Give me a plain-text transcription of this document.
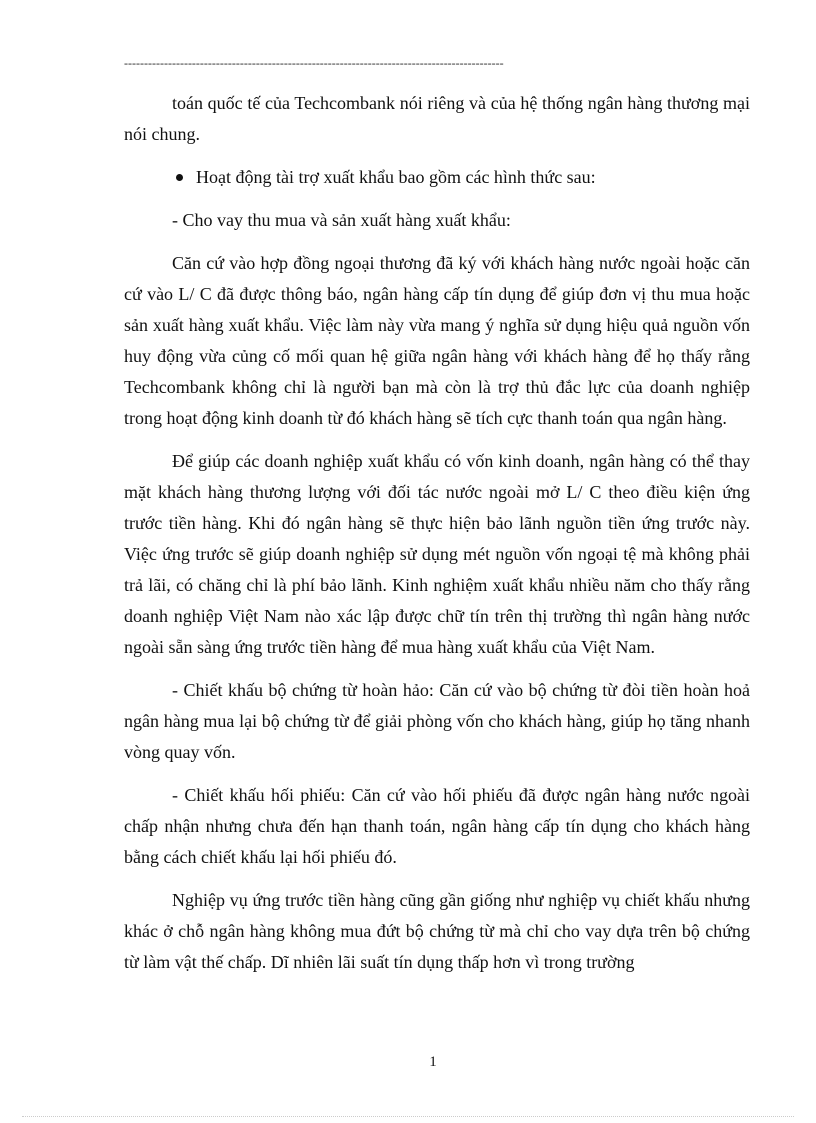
-----------------------------------------------------------------------------------------------

toán quốc tế của Techcombank nói riêng và của hệ thống ngân hàng thương mại nói chung.

Hoạt động tài trợ xuất khẩu bao gồm các hình thức sau:

- Cho vay thu mua và sản xuất hàng xuất khẩu:

Căn cứ vào hợp đồng ngoại thương đã ký với khách hàng nước ngoài hoặc căn cứ vào L/ C đã được thông báo, ngân hàng cấp tín dụng để giúp đơn vị thu mua hoặc sản xuất hàng xuất khẩu. Việc làm này vừa mang ý nghĩa sử dụng hiệu quả nguồn vốn huy động vừa củng cố mối quan hệ giữa ngân hàng với khách hàng để họ thấy rằng Techcombank không chỉ là người bạn mà còn là trợ thủ đắc lực của doanh nghiệp trong hoạt động kinh doanh từ đó khách hàng sẽ tích cực thanh toán qua ngân hàng.

Để giúp các doanh nghiệp xuất khẩu có vốn kinh doanh, ngân hàng có thể thay mặt khách hàng thương lượng với đối tác nước ngoài mở L/ C theo điều kiện ứng trước tiền hàng. Khi đó ngân hàng sẽ thực hiện bảo lãnh nguồn tiền ứng trước này. Việc ứng trước sẽ giúp doanh nghiệp sử dụng mét nguồn vốn ngoại tệ mà không phải trả lãi, có chăng chỉ là phí bảo lãnh. Kinh nghiệm xuất khẩu nhiều năm cho thấy rằng doanh nghiệp Việt Nam nào xác lập được chữ tín trên thị trường thì ngân hàng nước ngoài sẵn sàng ứng trước tiền hàng để mua hàng xuất khẩu của Việt Nam.

- Chiết khấu bộ chứng từ hoàn hảo: Căn cứ vào bộ chứng từ đòi tiền hoàn hoả ngân hàng mua lại bộ chứng từ để giải phòng vốn cho khách hàng, giúp họ tăng nhanh vòng quay vốn.

- Chiết khấu hối phiếu: Căn cứ vào hối phiếu đã được ngân hàng nước ngoài chấp nhận nhưng chưa đến hạn thanh toán, ngân hàng cấp tín dụng cho khách hàng bằng cách chiết khấu lại hối phiếu đó.

Nghiệp vụ ứng trước tiền hàng cũng gần giống như nghiệp vụ chiết khấu nhưng khác ở chỗ ngân hàng không mua đứt bộ chứng từ mà chỉ cho vay dựa trên bộ chứng từ làm vật thế chấp. Dĩ nhiên lãi suất tín dụng thấp hơn vì trong trường

1
